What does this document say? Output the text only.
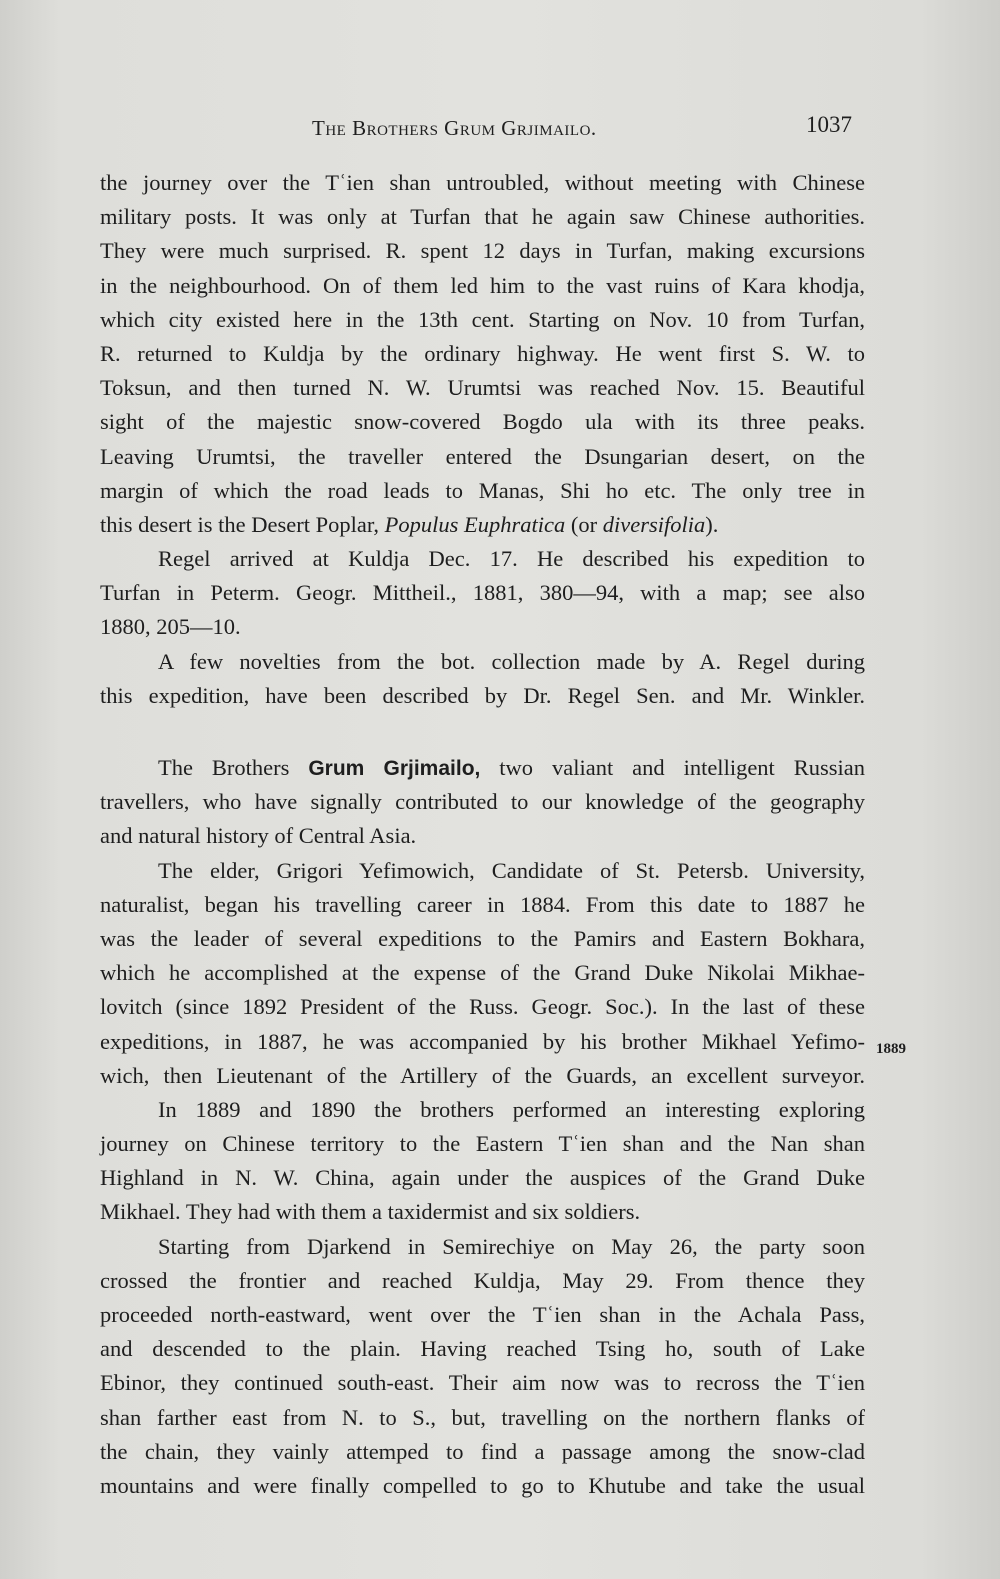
The Brothers Grum Grjimailo.	1037
the journey over the Tʿien shan untroubled, without meeting with Chinese
military posts. It was only at Turfan that he again saw Chinese authorities.
They were much surprised. R. spent 12 days in Turfan, making excursions
in the neighbourhood. On of them led him to the vast ruins of Kara khodja,
which city existed here in the 13th cent. Starting on Nov. 10 from Turfan,
R. returned to Kuldja by the ordinary highway. He went first S. W. to
Toksun, and then turned N. W. Urumtsi was reached Nov. 15. Beautiful
sight of the majestic snow-covered Bogdo ula with its three peaks.
Leaving Urumtsi, the traveller entered the Dsungarian desert, on the
margin of which the road leads to Manas, Shi ho etc. The only tree in
this desert is the Desert Poplar, Populus Euphratica (or diversifolia).
Regel arrived at Kuldja Dec. 17. He described his expedition to
Turfan in Peterm. Geogr. Mittheil., 1881, 380—94, with a map; see also
1880, 205—10.
A few novelties from the bot. collection made by A. Regel during
this expedition, have been described by Dr. Regel Sen. and Mr. Winkler.
The Brothers Grum Grjimailo, two valiant and intelligent Russian
travellers, who have signally contributed to our knowledge of the geography
and natural history of Central Asia.
The elder, Grigori Yefimowich, Candidate of St. Petersb. University,
naturalist, began his travelling career in 1884. From this date to 1887 he
was the leader of several expeditions to the Pamirs and Eastern Bokhara,
which he accomplished at the expense of the Grand Duke Nikolai Mikhae-
lovitch (since 1892 President of the Russ. Geogr. Soc.). In the last of these
expeditions, in 1887, he was accompanied by his brother Mikhael Yefimo-
wich, then Lieutenant of the Artillery of the Guards, an excellent surveyor.
In 1889 and 1890 the brothers performed an interesting exploring
journey on Chinese territory to the Eastern Tʿien shan and the Nan shan
Highland in N. W. China, again under the auspices of the Grand Duke
Mikhael. They had with them a taxidermist and six soldiers.
Starting from Djarkend in Semirechiye on May 26, the party soon
crossed the frontier and reached Kuldja, May 29. From thence they
proceeded north-eastward, went over the Tʿien shan in the Achala Pass,
and descended to the plain. Having reached Tsing ho, south of Lake
Ebinor, they continued south-east. Their aim now was to recross the Tʿien
shan farther east from N. to S., but, travelling on the northern flanks of
the chain, they vainly attemped to find a passage among the snow-clad
mountains and were finally compelled to go to Khutube and take the usual
1889
